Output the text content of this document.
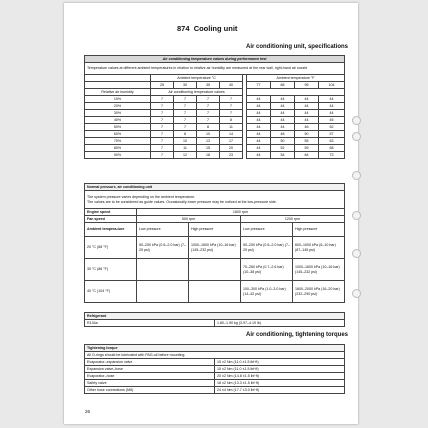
874 Cooling unit
Air conditioning unit, specifications
Air conditioning temperature values during performance test									
Temperature values at different ambient temperatures in relation to relative air humidity are measured at the rear wall, right-hand air nozzle									
	Ambient temperature °C					Ambient temperature °F			
	25	30	35	40		77	86	95	104
Relative air humidity	Air conditioning temperature values								
10%	7	7	7	7		44	44	44	44
20%	7	7	7	7		44	44	44	44
30%	7	7	7	7		44	44	44	44
40%	7	7	7	8		44	44	44	45
50%	7	7	8	11		44	44	46	52
60%	7	8	10	14		44	46	50	57
70%	7	10	13	17		44	50	55	63
80%	7	11	15	20		44	52	59	68
90%	7	12	18	23		44	54	64	73
Normal pressure, air conditioning unit				
The system pressure varies depending on the ambient temperature.
The values are to be considered as guide values. Occasionally lower pressure may be noticed at the low-pressure side.				
Engine speed	1800 rpm			
Fan speed	500 rpm		1200 rpm	
Ambient tempera-ture	Low pressure	High pressure	Low pressure	High pressure
20 °C (68 °F)	50–200 kPa (0.5–2.0 bar) (7–29 psi)	1000–1600 kPa (10–16 bar) (145–232 psi)	50–200 kPa (0.5–2.0 bar) (7–29 psi)	600–1000 kPa (6–10 bar) (87–145 psi)
30 °C (86 °F)			70–260 kPa (0.7–2.6 bar) (10–38 psi)	1000–1600 kPa (10–16 bar) (145–232 psi)
40 °C (104 °F)			100–300 kPa (1.0–3.0 bar) (14–42 psi)	1600–2000 kPa (16–20 bar) (232–290 psi)
Refrigerant
R134a	1.80–1.90 kg (3.97–4.19 lb)
Air conditioning, tightening torques
Tightening torque	
All O-rings should be lubricated with PAG-oil before mounting.	
Evaporator–expansion valve	15 ±2 Nm (11.0 ±1.5 lbf·ft)
Expansion valve–hose	15 ±2 Nm (11.0 ±1.5 lbf·ft)
Evaporator–hose	20 ±2 Nm (14.8 ±1.5 lbf·ft)
Safety valve	18 ±2 Nm (13.3 ±1.5 lbf·ft)
Other hose connections (M6)	24 ±4 Nm (17.7 ±3.0 lbf·ft)
26
